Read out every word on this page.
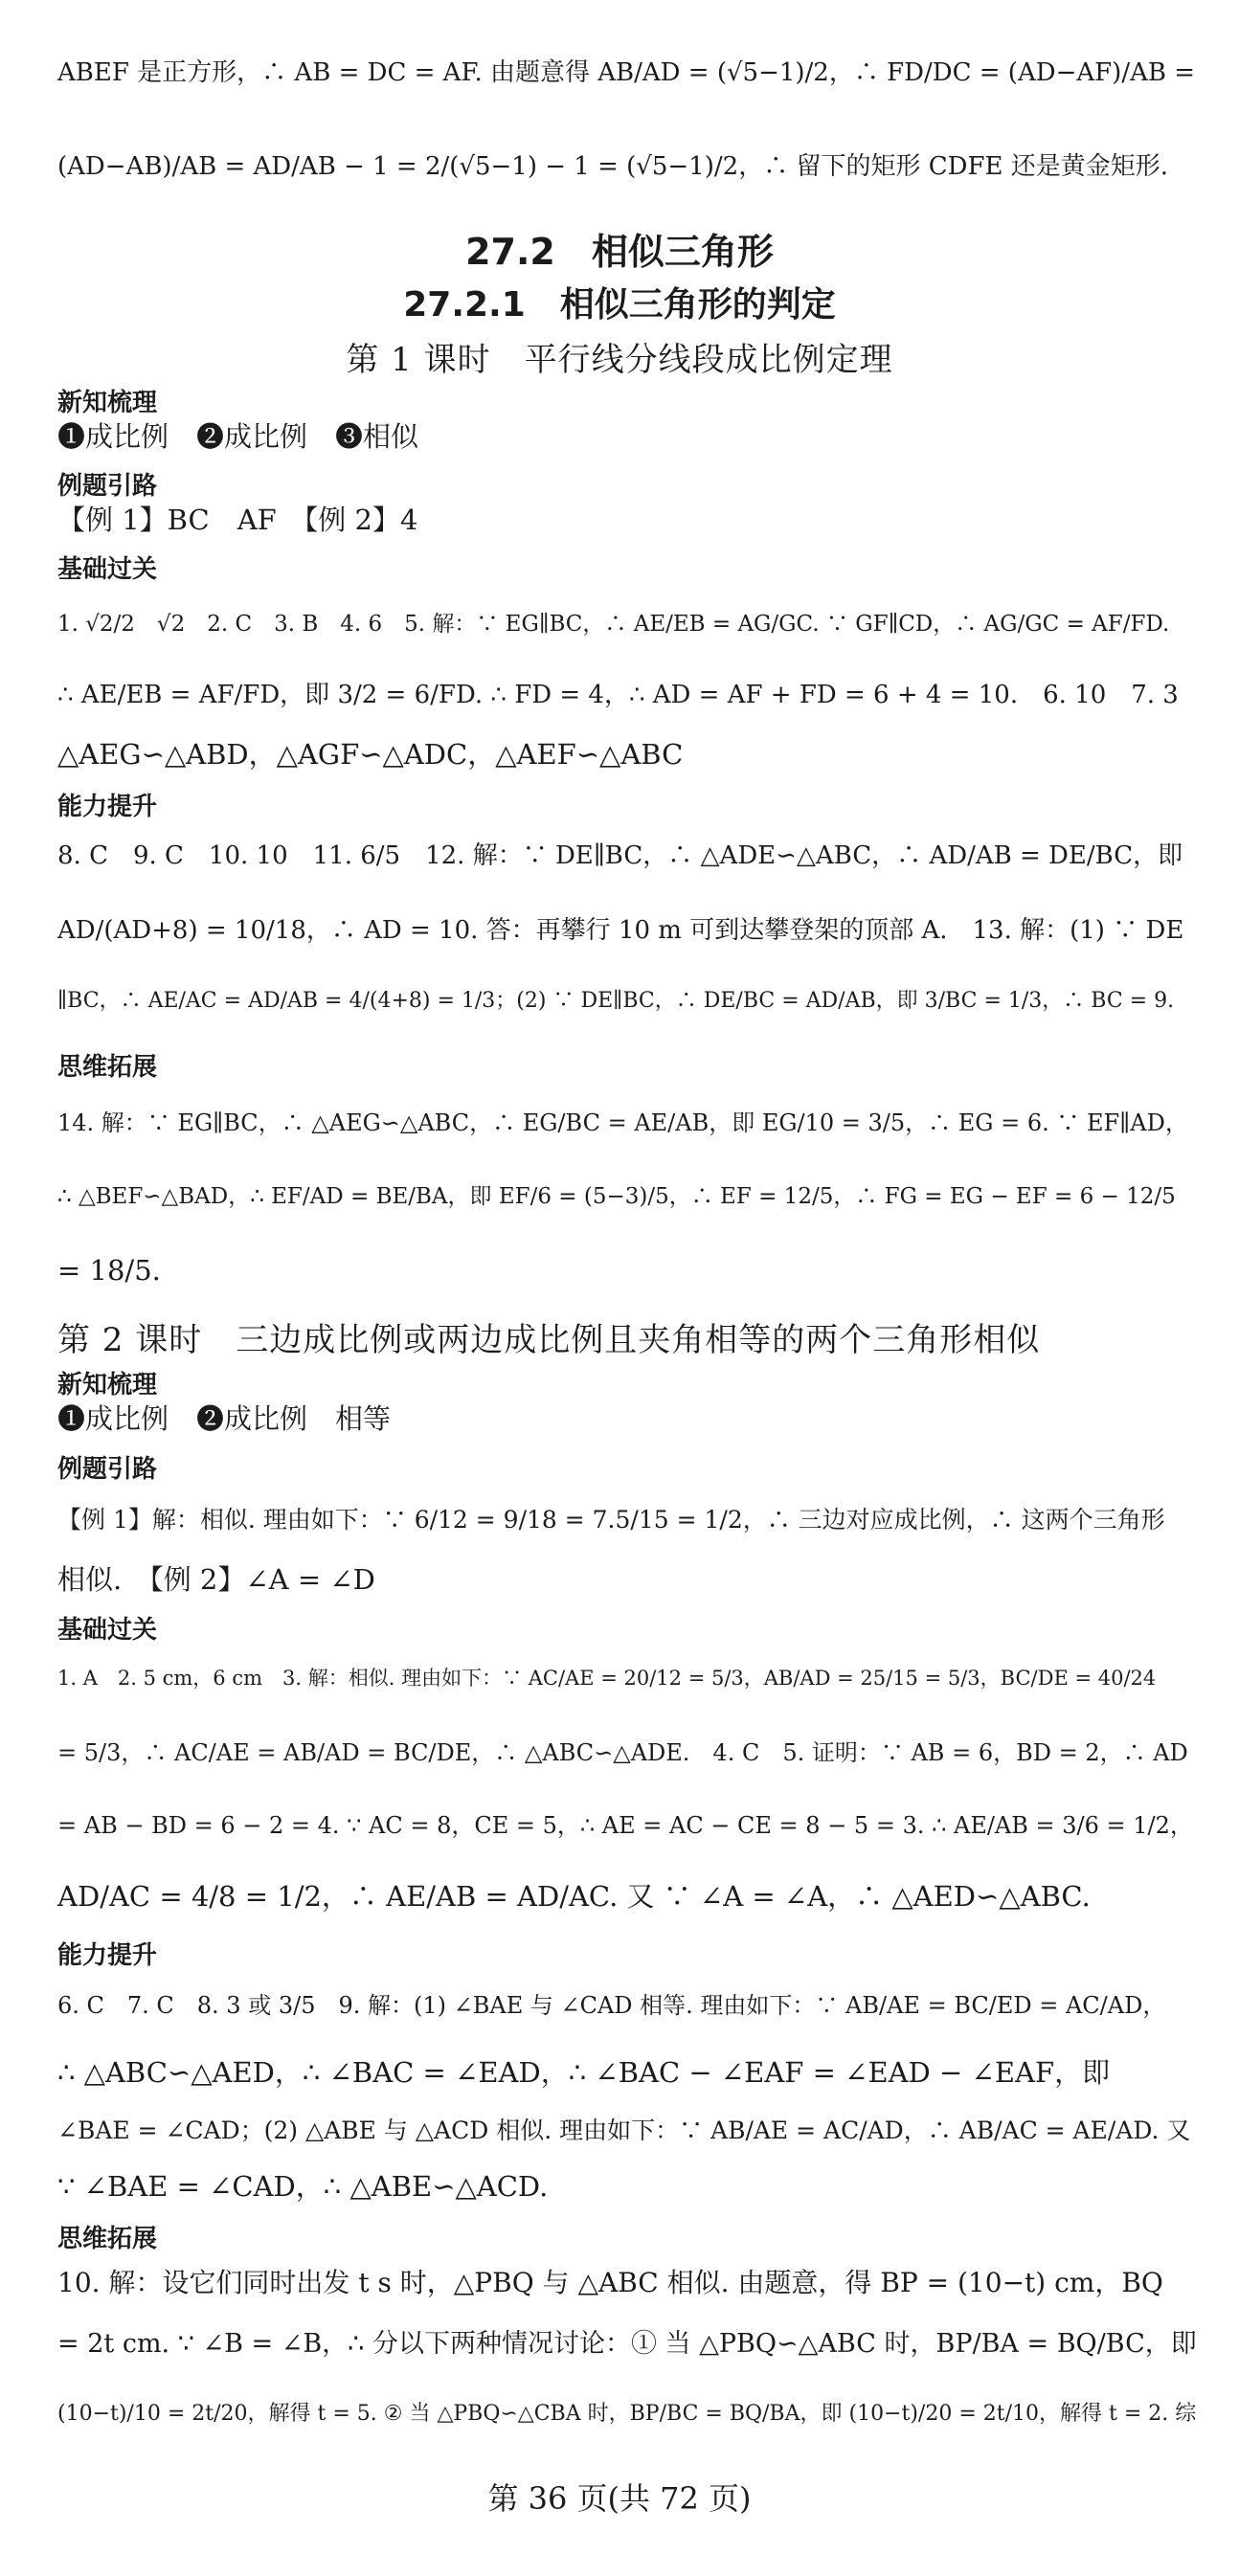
ABEF 是正方形，∴ AB = DC = AF. 由题意得 AB/AD = (√5−1)/2，∴ FD/DC = (AD−AF)/AB =
(AD−AB)/AB = AD/AB − 1 = 2/(√5−1) − 1 = (√5−1)/2，∴ 留下的矩形 CDFE 还是黄金矩形.
27.2　相似三角形
27.2.1　相似三角形的判定
第 1 课时　平行线分线段成比例定理
新知梳理
❶成比例　❷成比例　❸相似
例题引路
【例 1】BC　AF　【例 2】4
基础过关
1. √2/2　√2　2. C　3. B　4. 6　5. 解：∵ EG∥BC，∴ AE/EB = AG/GC. ∵ GF∥CD，∴ AG/GC = AF/FD.
∴ AE/EB = AF/FD，即 3/2 = 6/FD. ∴ FD = 4，∴ AD = AF + FD = 6 + 4 = 10.　6. 10　7. 3
△AEG∽△ABD，△AGF∽△ADC，△AEF∽△ABC
能力提升
8. C　9. C　10. 10　11. 6/5　12. 解：∵ DE∥BC，∴ △ADE∽△ABC，∴ AD/AB = DE/BC，即
AD/(AD+8) = 10/18，∴ AD = 10. 答：再攀行 10 m 可到达攀登架的顶部 A.　13. 解：(1) ∵ DE
∥BC，∴ AE/AC = AD/AB = 4/(4+8) = 1/3；(2) ∵ DE∥BC，∴ DE/BC = AD/AB，即 3/BC = 1/3，∴ BC = 9.
思维拓展
14. 解：∵ EG∥BC，∴ △AEG∽△ABC，∴ EG/BC = AE/AB，即 EG/10 = 3/5，∴ EG = 6. ∵ EF∥AD，
∴ △BEF∽△BAD，∴ EF/AD = BE/BA，即 EF/6 = (5−3)/5，∴ EF = 12/5，∴ FG = EG − EF = 6 − 12/5
= 18/5.
第 2 课时　三边成比例或两边成比例且夹角相等的两个三角形相似
新知梳理
❶成比例　❷成比例　相等
例题引路
【例 1】解：相似. 理由如下：∵ 6/12 = 9/18 = 7.5/15 = 1/2，∴ 三边对应成比例，∴ 这两个三角形
相似.　【例 2】∠A = ∠D
基础过关
1. A　2. 5 cm，6 cm　3. 解：相似. 理由如下：∵ AC/AE = 20/12 = 5/3，AB/AD = 25/15 = 5/3，BC/DE = 40/24
= 5/3，∴ AC/AE = AB/AD = BC/DE，∴ △ABC∽△ADE.　4. C　5. 证明：∵ AB = 6，BD = 2，∴ AD
= AB − BD = 6 − 2 = 4. ∵ AC = 8，CE = 5，∴ AE = AC − CE = 8 − 5 = 3. ∴ AE/AB = 3/6 = 1/2，
AD/AC = 4/8 = 1/2，∴ AE/AB = AD/AC. 又 ∵ ∠A = ∠A，∴ △AED∽△ABC.
能力提升
6. C　7. C　8. 3 或 3/5　9. 解：(1) ∠BAE 与 ∠CAD 相等. 理由如下：∵ AB/AE = BC/ED = AC/AD，
∴ △ABC∽△AED，∴ ∠BAC = ∠EAD，∴ ∠BAC − ∠EAF = ∠EAD − ∠EAF，即
∠BAE = ∠CAD；(2) △ABE 与 △ACD 相似. 理由如下：∵ AB/AE = AC/AD，∴ AB/AC = AE/AD. 又
∵ ∠BAE = ∠CAD，∴ △ABE∽△ACD.
思维拓展
10. 解：设它们同时出发 t s 时，△PBQ 与 △ABC 相似. 由题意，得 BP = (10−t) cm，BQ
= 2t cm. ∵ ∠B = ∠B，∴ 分以下两种情况讨论：① 当 △PBQ∽△ABC 时，BP/BA = BQ/BC，即
(10−t)/10 = 2t/20，解得 t = 5. ② 当 △PBQ∽△CBA 时，BP/BC = BQ/BA，即 (10−t)/20 = 2t/10，解得 t = 2. 综
第 36 页(共 72 页)
